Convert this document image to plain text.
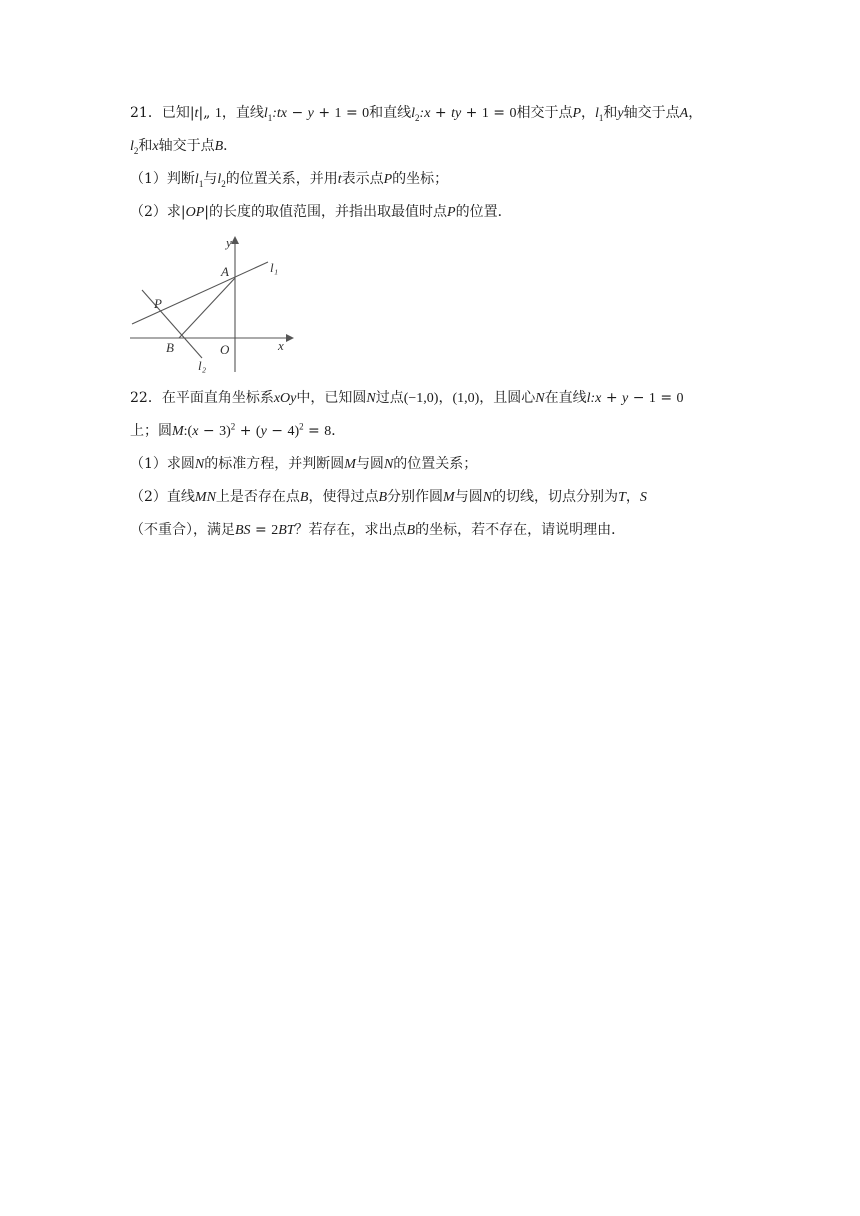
21．已知|t|„ 1，直线$l_1:tx - y + 1 = 0$和直线$l_2:x$ + ty + 1 = 0相交于点P，$l_1$和y轴交于点A，
$l_2$和x轴交于点B．
（1）判断$l_1$与$l_2$的位置关系，并用t表示点P的坐标；
（2）求|OP|的长度的取值范围，并指出取最值时点P的位置．
y
A	l₁
P
B	O	x
l₂
22．在平面直角坐标系xOy中，已知圆N过点(−1,0)，(1,0)，且圆心N在直线l:x + y − 1 = 0
上；圆M:(x − $3)^2 + (y - 4)^2 = 8$．
（1）求圆N的标准方程，并判断圆M与圆N的位置关系；
（2）直线MN上是否存在点B，使得过点B分别作圆M与圆N的切线，切点分别为T，S
（不重合），满足BS = 2BT？若存在，求出点B的坐标，若不存在，请说明理由．
